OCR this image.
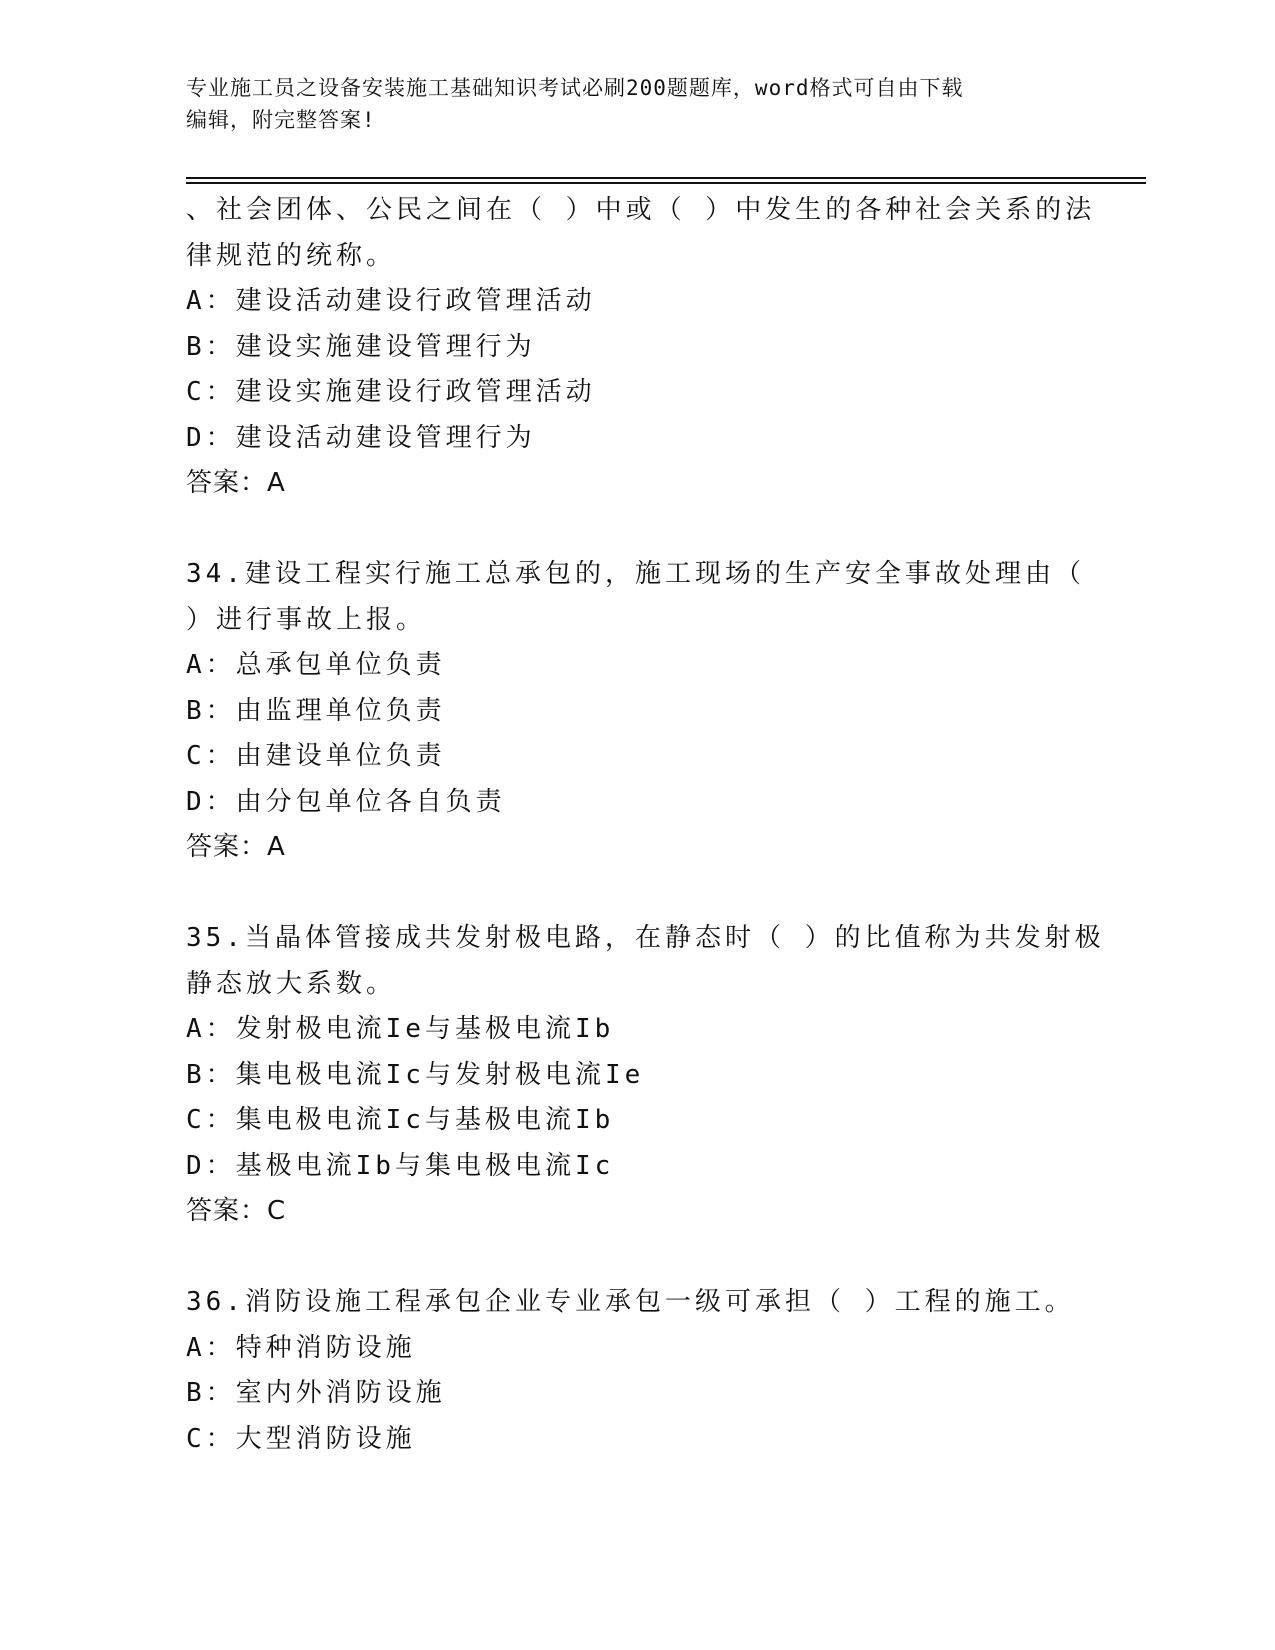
专业施工员之设备安装施工基础知识考试必刷200题题库，word格式可自由下载
编辑，附完整答案!
、社会团体、公民之间在（ ）中或（ ）中发生的各种社会关系的法
律规范的统称。
A：建设活动建设行政管理活动
B：建设实施建设管理行为
C：建设实施建设行政管理活动
D：建设活动建设管理行为
答案：A
34.建设工程实行施工总承包的，施工现场的生产安全事故处理由（
）进行事故上报。
A：总承包单位负责
B：由监理单位负责
C：由建设单位负责
D：由分包单位各自负责
答案：A
35.当晶体管接成共发射极电路，在静态时（ ）的比值称为共发射极
静态放大系数。
A：发射极电流Ie与基极电流Ib
B：集电极电流Ic与发射极电流Ie
C：集电极电流Ic与基极电流Ib
D：基极电流Ib与集电极电流Ic
答案：C
36.消防设施工程承包企业专业承包一级可承担（ ）工程的施工。
A：特种消防设施
B：室内外消防设施
C：大型消防设施
